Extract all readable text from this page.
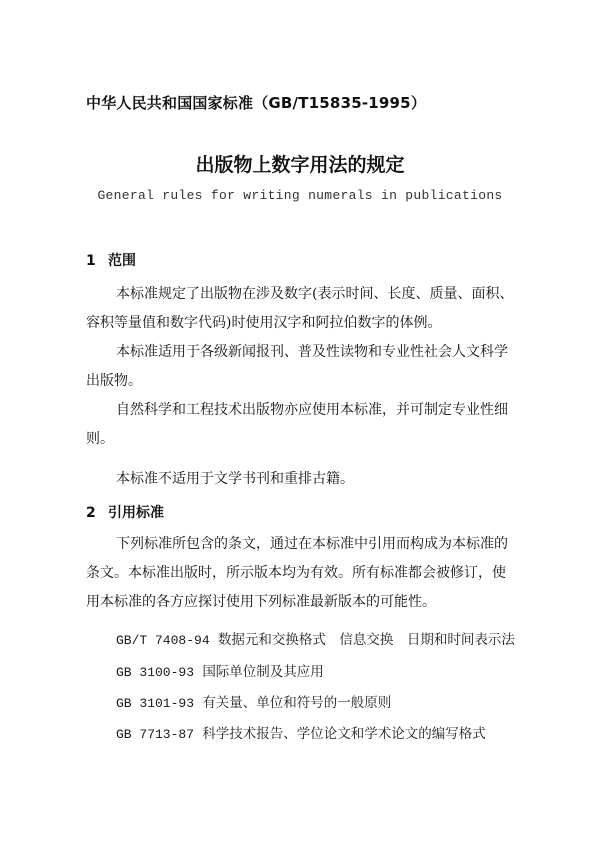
中华人民共和国国家标准（GB/T15835-1995）
出版物上数字用法的规定
General rules for writing numerals in publications
1 范围

本标准规定了出版物在涉及数字(表示时间、长度、质量、面积、容积等量值和数字代码)时使用汉字和阿拉伯数字的体例。

本标准适用于各级新闻报刊、普及性读物和专业性社会人文科学出版物。

自然科学和工程技术出版物亦应使用本标准，并可制定专业性细则。

本标准不适用于文学书刊和重排古籍。

2 引用标准

下列标准所包含的条文，通过在本标准中引用而构成为本标准的条文。本标准出版时，所示版本均为有效。所有标准都会被修订，使用本标准的各方应探讨使用下列标准最新版本的可能性。

GB/T 7408-94 数据元和交换格式　信息交换　日期和时间表示法
GB 3100-93 国际单位制及其应用
GB 3101-93 有关量、单位和符号的一般原则
GB 7713-87 科学技术报告、学位论文和学术论文的编写格式
